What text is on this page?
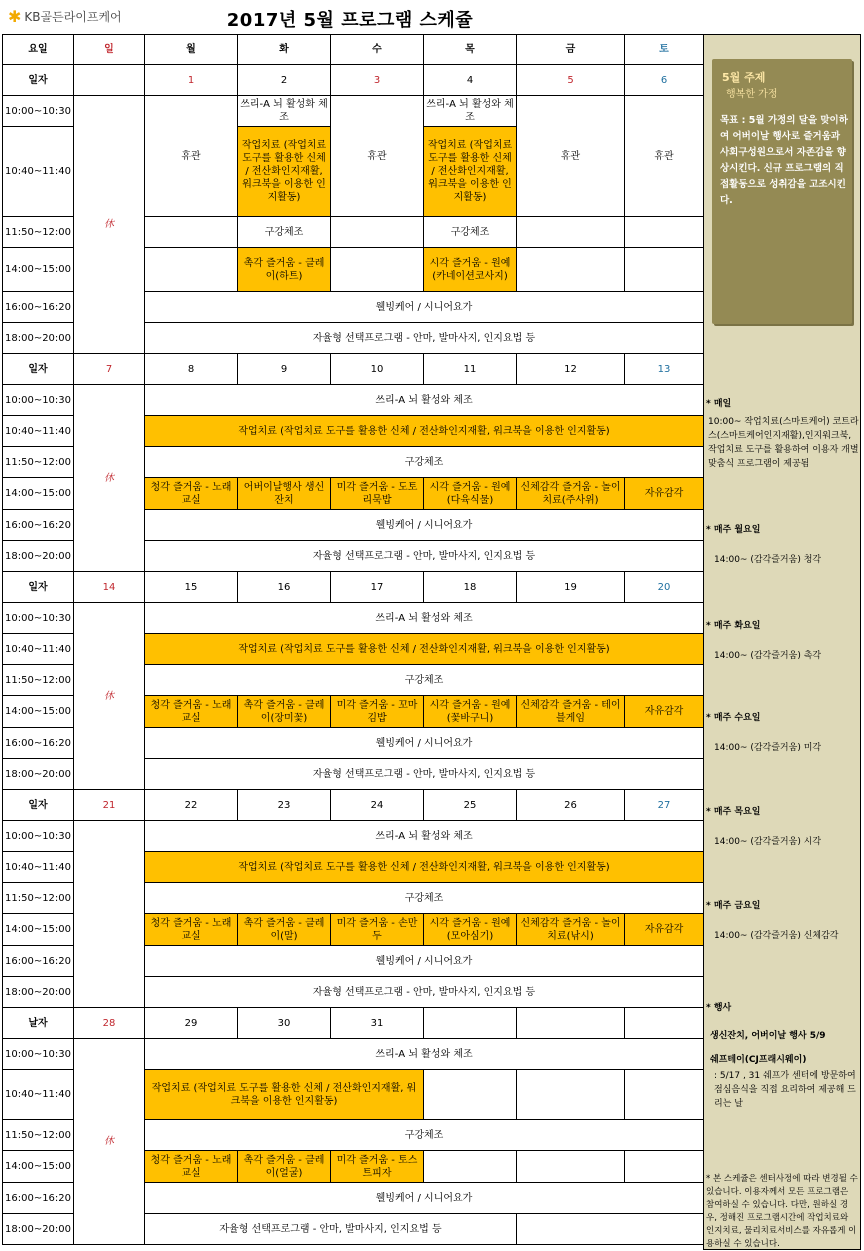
✱ KB골든라이프케어	2017년 5월 프로그램 스케쥴
요일	일	월	화	수	목	금	토
일자		1	2	3	4	5	6
10:00~10:30	休	휴관	쓰리-A 뇌 활성화 체조	휴관	쓰리-A 뇌 활성와 체조	휴관	휴관
10:40~11:40			작업치료 (작업치료 도구를 활용한 신체 / 전산화인지재활, 워크북을 이용한 인지활동)		작업치료 (작업치료 도구를 활용한 신체 / 전산화인지재활, 워크북을 이용한 인 지활동)		
11:50~12:00			구강체조		구강체조		
14:00~15:00			촉각 즐거움 - 클레이(하트)		시각 즐거움 - 원예(카네이션코사지)		
16:00~16:20		웰빙케어 / 시니어요가					
18:00~20:00		자율형 선택프로그램 - 안마, 발마사지, 인지요법 등					
일자	7	8	9	10	11	12	13
10:00~10:30	休	쓰리-A 뇌 활성와 체조					
10:40~11:40		작업치료 (작업치료 도구를 활용한 신체 / 전산화인지재활, 워크북을 이용한 인지활동)					
11:50~12:00		구강체조					
14:00~15:00		청각 즐거움 - 노래교실	어버이날행사 생신잔치	미각 즐거움 - 도토리묵밥	시각 즐거움 - 원예(다육식물)	신체감각 즐거움 - 놀이치료(주사위)	자유감각
16:00~16:20		웰빙케어 / 시니어요가					
18:00~20:00		자율형 선택프로그램 - 안마, 발마사지, 인지요법 등					
일자	14	15	16	17	18	19	20
10:00~10:30	休	쓰리-A 뇌 활성와 체조					
10:40~11:40		작업치료 (작업치료 도구를 활용한 신체 / 전산화인지재활, 워크북을 이용한 인지활동)					
11:50~12:00		구강체조					
14:00~15:00		청각 즐거움 - 노래교실	촉각 즐거움 - 클레이(장미꽃)	미각 즐거움 - 꼬마김밥	시각 즐거움 - 원예(꽃바구니)	신체감각 즐거움 - 테이블게임	자유감각
16:00~16:20		웰빙케어 / 시니어요가					
18:00~20:00		자율형 선택프로그램 - 안마, 발마사지, 인지요법 등					
일자	21	22	23	24	25	26	27
10:00~10:30		쓰리-A 뇌 활성와 체조					
10:40~11:40		작업치료 (작업치료 도구를 활용한 신체 / 전산화인지재활, 워크북을 이용한 인지활동)					
11:50~12:00		구강체조					
14:00~15:00		청각 즐거움 - 노래교실	촉각 즐거움 - 클레이(말)	미각 즐거움 - 손만두	시각 즐거움 - 원예(모아심기)	신체감각 즐거움 - 놀이치료(낚시)	자유감각
16:00~16:20		웰빙케어 / 시니어요가					
18:00~20:00		자율형 선택프로그램 - 안마, 발마사지, 인지요법 등					
날자	28	29	30	31			
10:00~10:30	休	쓰리-A 뇌 활성와 체조					
10:40~11:40		작업치료 (작업치료 도구를 활용한 신체 / 전산화인지재활, 워크북을 이용한 인지활동)					
11:50~12:00		구강체조					
14:00~15:00		청각 즐거움 - 노래교실	촉각 즐거움 - 클레이(얼굴)	미각 즐거움 - 토스트피자			
16:00~16:20		웰빙케어 / 시니어요가					
18:00~20:00		자율형 선택프로그램 - 안마, 발마사지, 인지요법 등					
5월 주제
행복한 가정
목표 : 5월 가정의 달을 맞이하여 어버이날 행사로 즐거움과 사회구성원으로서 자존감을 향상시킨다. 신규 프로그램의 직접활동으로 성취감을 고조시킨다.
* 매일
10:00~ 작업치료(스마트케어) 코트라스(스마트케어인지재활),인지워크북, 작업치료 도구를 활용하여 이용자 개별 맞춤식 프로그램이 제공됨
* 매주 월요일
14:00~ (감각즐거움) 청각
* 매주 화요일
14:00~ (감각즐거움) 촉각
* 매주 수요일
14:00~ (감각즐거움) 미각
* 매주 목요일
14:00~ (감각즐거움) 시각
* 매주 금요일
14:00~ (감각즐거움) 신체감각
* 행사
생신잔치, 어버이날 행사 5/9
쉐프테이(CJ프래시웨이)
: 5/17 , 31 쉐프가 센터에 방문하여 점심음식을 직접 요리하여 제공해 드리는 날
* 본 스케쥴은 센터사정에 따라 변경될 수 있습니다. 이용자께서 모든 프로그램은 참여하실 수 있습니다. 다만, 원하실 경우, 정해진 프로그램시간에 작업치료와 인지치료, 물리치료서비스를 자유롭게 이용하실 수 있습니다.
